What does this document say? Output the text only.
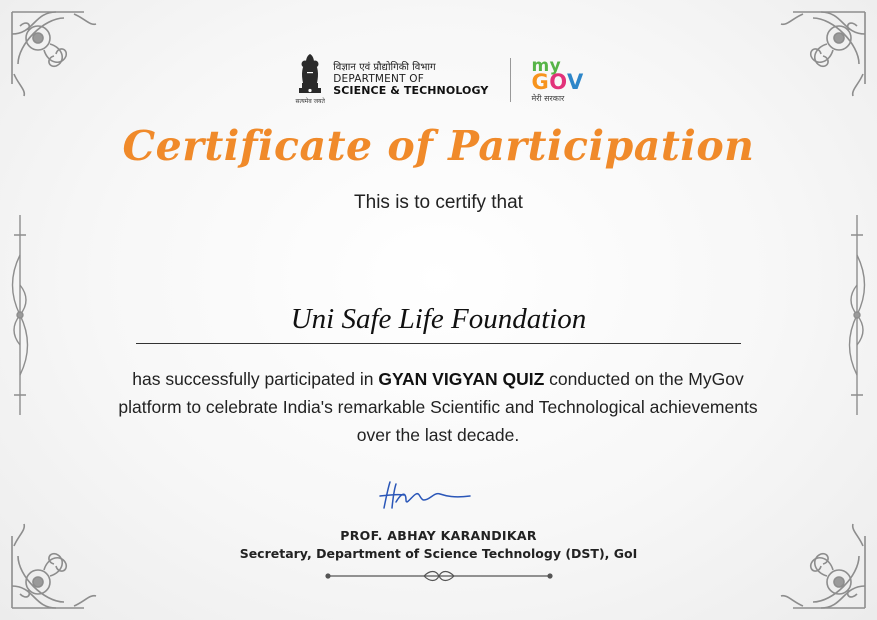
सत्यमेव जयते
विज्ञान एवं प्रौद्योगिकी विभाग
DEPARTMENT OF
SCIENCE & TECHNOLOGY
my
GOV
मेरी सरकार
Certificate of Participation
This is to certify that
Uni Safe Life Foundation
has successfully participated in GYAN VIGYAN QUIZ conducted on the MyGov platform to celebrate India's remarkable Scientific and Technological achievements over the last decade.
PROF. ABHAY KARANDIKAR
Secretary, Department of Science Technology (DST), GoI
